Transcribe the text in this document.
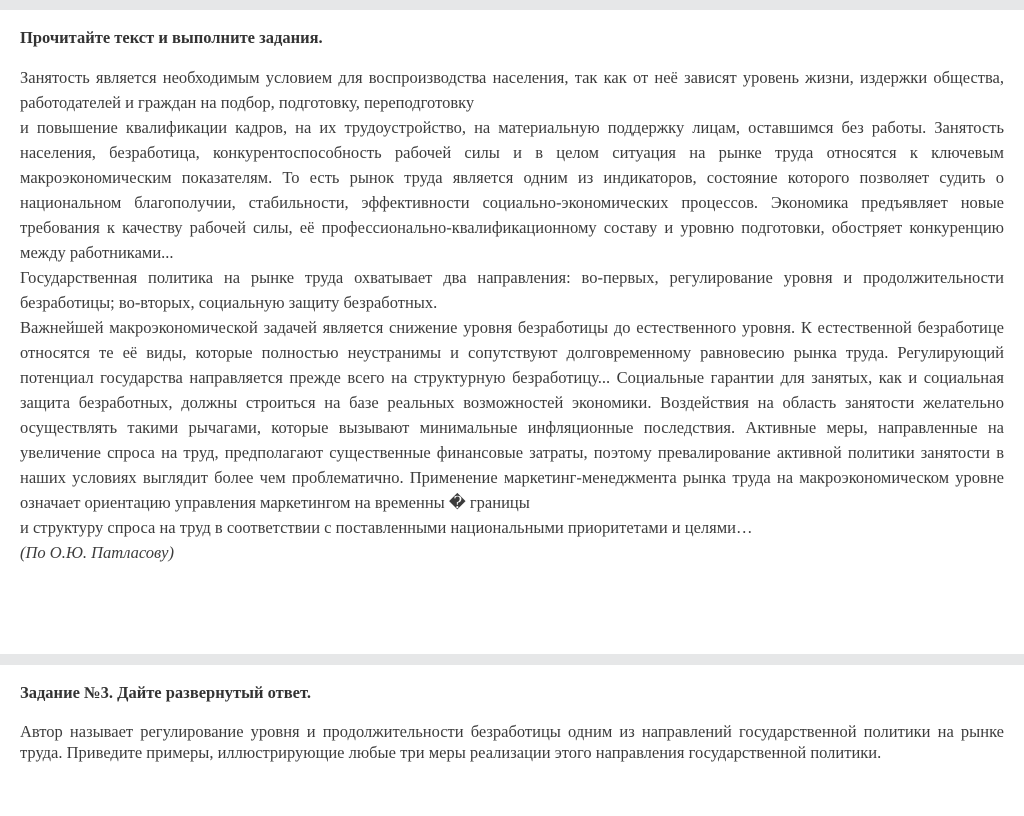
Прочитайте текст и выполните задания.

Занятость является необходимым условием для воспроизводства населения, так как от неё зависят уровень жизни, издержки общества, работодателей и граждан на подбор, подготовку, переподготовку

и повышение квалификации кадров, на их трудоустройство, на материальную поддержку лицам, оставшимся без работы. Занятость населения, безработица, конкурентоспособность рабочей силы и в целом ситуация на рынке труда относятся к ключевым макроэкономическим показателям. То есть рынок труда является одним из индикаторов, состояние которого позволяет судить о национальном благополучии, стабильности, эффективности социально-экономических процессов. Экономика предъявляет новые требования к качеству рабочей силы, её профессионально-квалификационному составу и уровню подготовки, обостряет конкуренцию между работниками...

Государственная политика на рынке труда охватывает два направления: во-первых, регулирование уровня и продолжительности безработицы; во-вторых, социальную защиту безработных.

Важнейшей макроэкономической задачей является снижение уровня безработицы до естественного уровня. К естественной безработице относятся те её виды, которые полностью неустранимы и сопутствуют долговременному равновесию рынка труда. Регулирующий потенциал государства направляется прежде всего на структурную безработицу... Социальные гарантии для занятых, как и социальная защита безработных, должны строиться на базе реальных возможностей экономики. Воздействия на область занятости желательно осуществлять такими рычагами, которые вызывают минимальные инфляционные последствия. Активные меры, направленные на увеличение спроса на труд, предполагают существенные финансовые затраты, поэтому превалирование активной политики занятости в наших условиях выглядит более чем проблематично. Применение маркетинг-менеджмента рынка труда на макроэкономическом уровне означает ориентацию управления маркетингом на временны � границы

и структуру спроса на труд в соответствии с поставленными национальными приоритетами и целями…

(По О.Ю. Патласову)

Задание №3. Дайте развернутый ответ.
Автор называет регулирование уровня и продолжительности безработицы одним из направлений государственной политики на рынке труда. Приведите примеры, иллюстрирующие любые три меры реализации этого направления государственной политики.
